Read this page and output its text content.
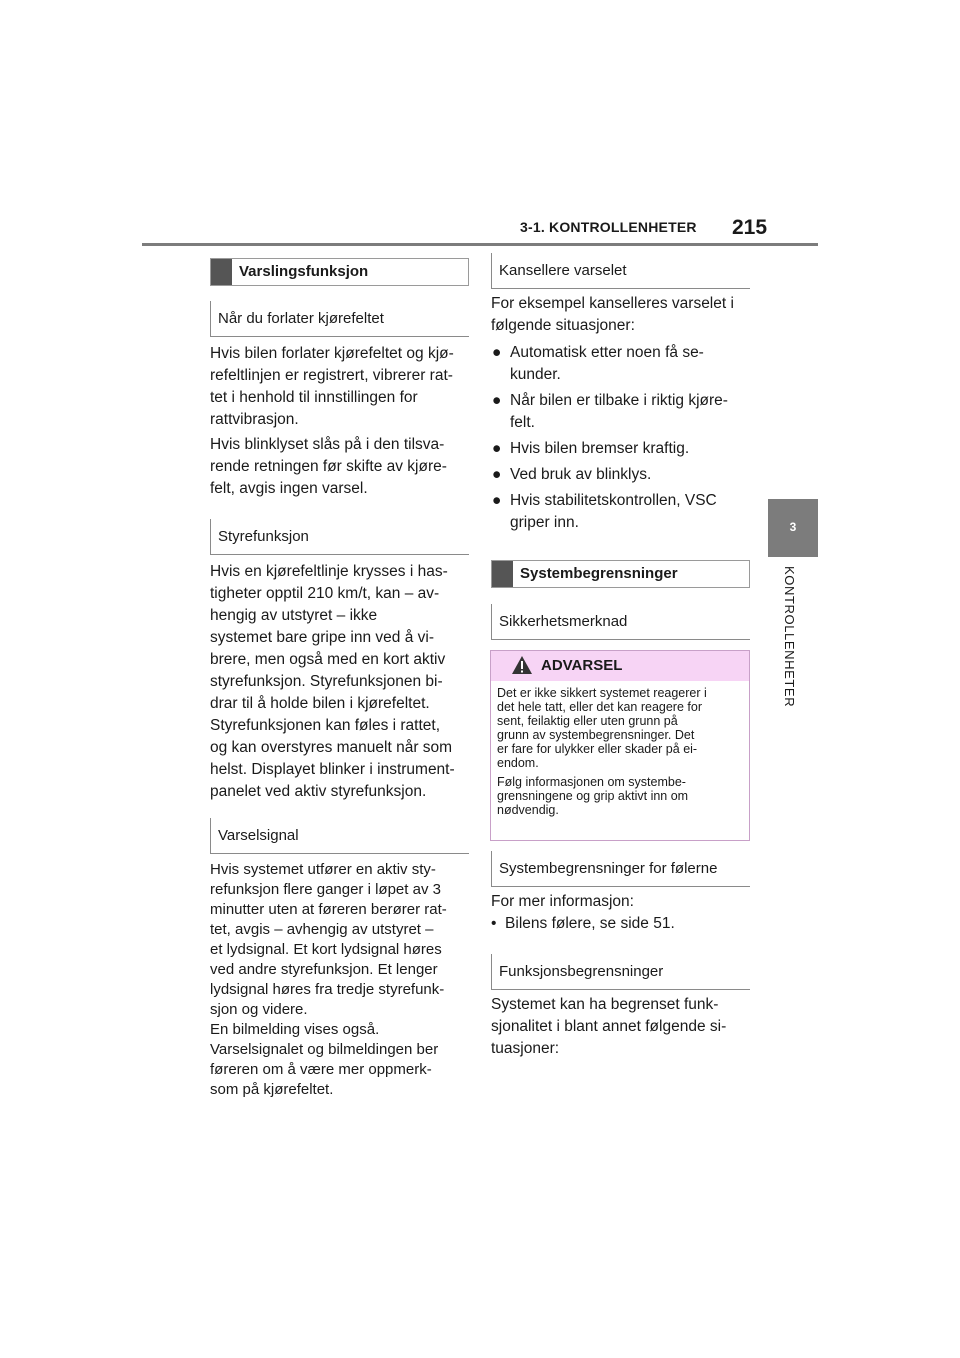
3-1. KONTROLLENHETER 215
3
KONTROLLENHETER
Varslingsfunksjon
Når du forlater kjørefeltet

Hvis bilen forlater kjørefeltet og kjø-

refeltlinjen er registrert, vibrerer rat-

tet i henhold til innstillingen for

rattvibrasjon.

Hvis blinklyset slås på i den tilsva-

rende retningen før skifte av kjøre-

felt, avgis ingen varsel.

Styrefunksjon

Hvis en kjørefeltlinje krysses i has-

tigheter opptil 210 km/t, kan – av-

hengig av utstyret – ikke

systemet bare gripe inn ved å vi-

brere, men også med en kort aktiv

styrefunksjon. Styrefunksjonen bi-

drar til å holde bilen i kjørefeltet.

Styrefunksjonen kan føles i rattet,

og kan overstyres manuelt når som

helst. Displayet blinker i instrument-

panelet ved aktiv styrefunksjon.

Varselsignal

Hvis systemet utfører en aktiv sty-

refunksjon flere ganger i løpet av 3

minutter uten at føreren berører rat-

tet, avgis – avhengig av utstyret –

et lydsignal. Et kort lydsignal høres

ved andre styrefunksjon. Et lenger

lydsignal høres fra tredje styrefunk-

sjon og videre.

En bilmelding vises også.

Varselsignalet og bilmeldingen ber

føreren om å være mer oppmerk-

som på kjørefeltet.

Kansellere varselet

For eksempel kanselleres varselet i

følgende situasjoner:

● Automatisk etter noen få se-
kunder.
● Når bilen er tilbake i riktig kjøre-
felt.
● Hvis bilen bremser kraftig.
● Ved bruk av blinklys.
● Hvis stabilitetskontrollen, VSC
griper inn.
Systembegrensninger
Sikkerhetsmerknad
ADVARSEL

Det er ikke sikkert systemet reagerer i
det hele tatt, eller det kan reagere for
sent, feilaktig eller uten grunn på
grunn av systembegrensninger. Det
er fare for ulykker eller skader på ei-
endom.

Følg informasjonen om systembe-
grensningene og grip aktivt inn om
nødvendig.

Systembegrensninger for følerne

For mer informasjon:

•  Bilens følere, se side 51.
Funksjonsbegrensninger

Systemet kan ha begrenset funk-

sjonalitet i blant annet følgende si-

tuasjoner:
